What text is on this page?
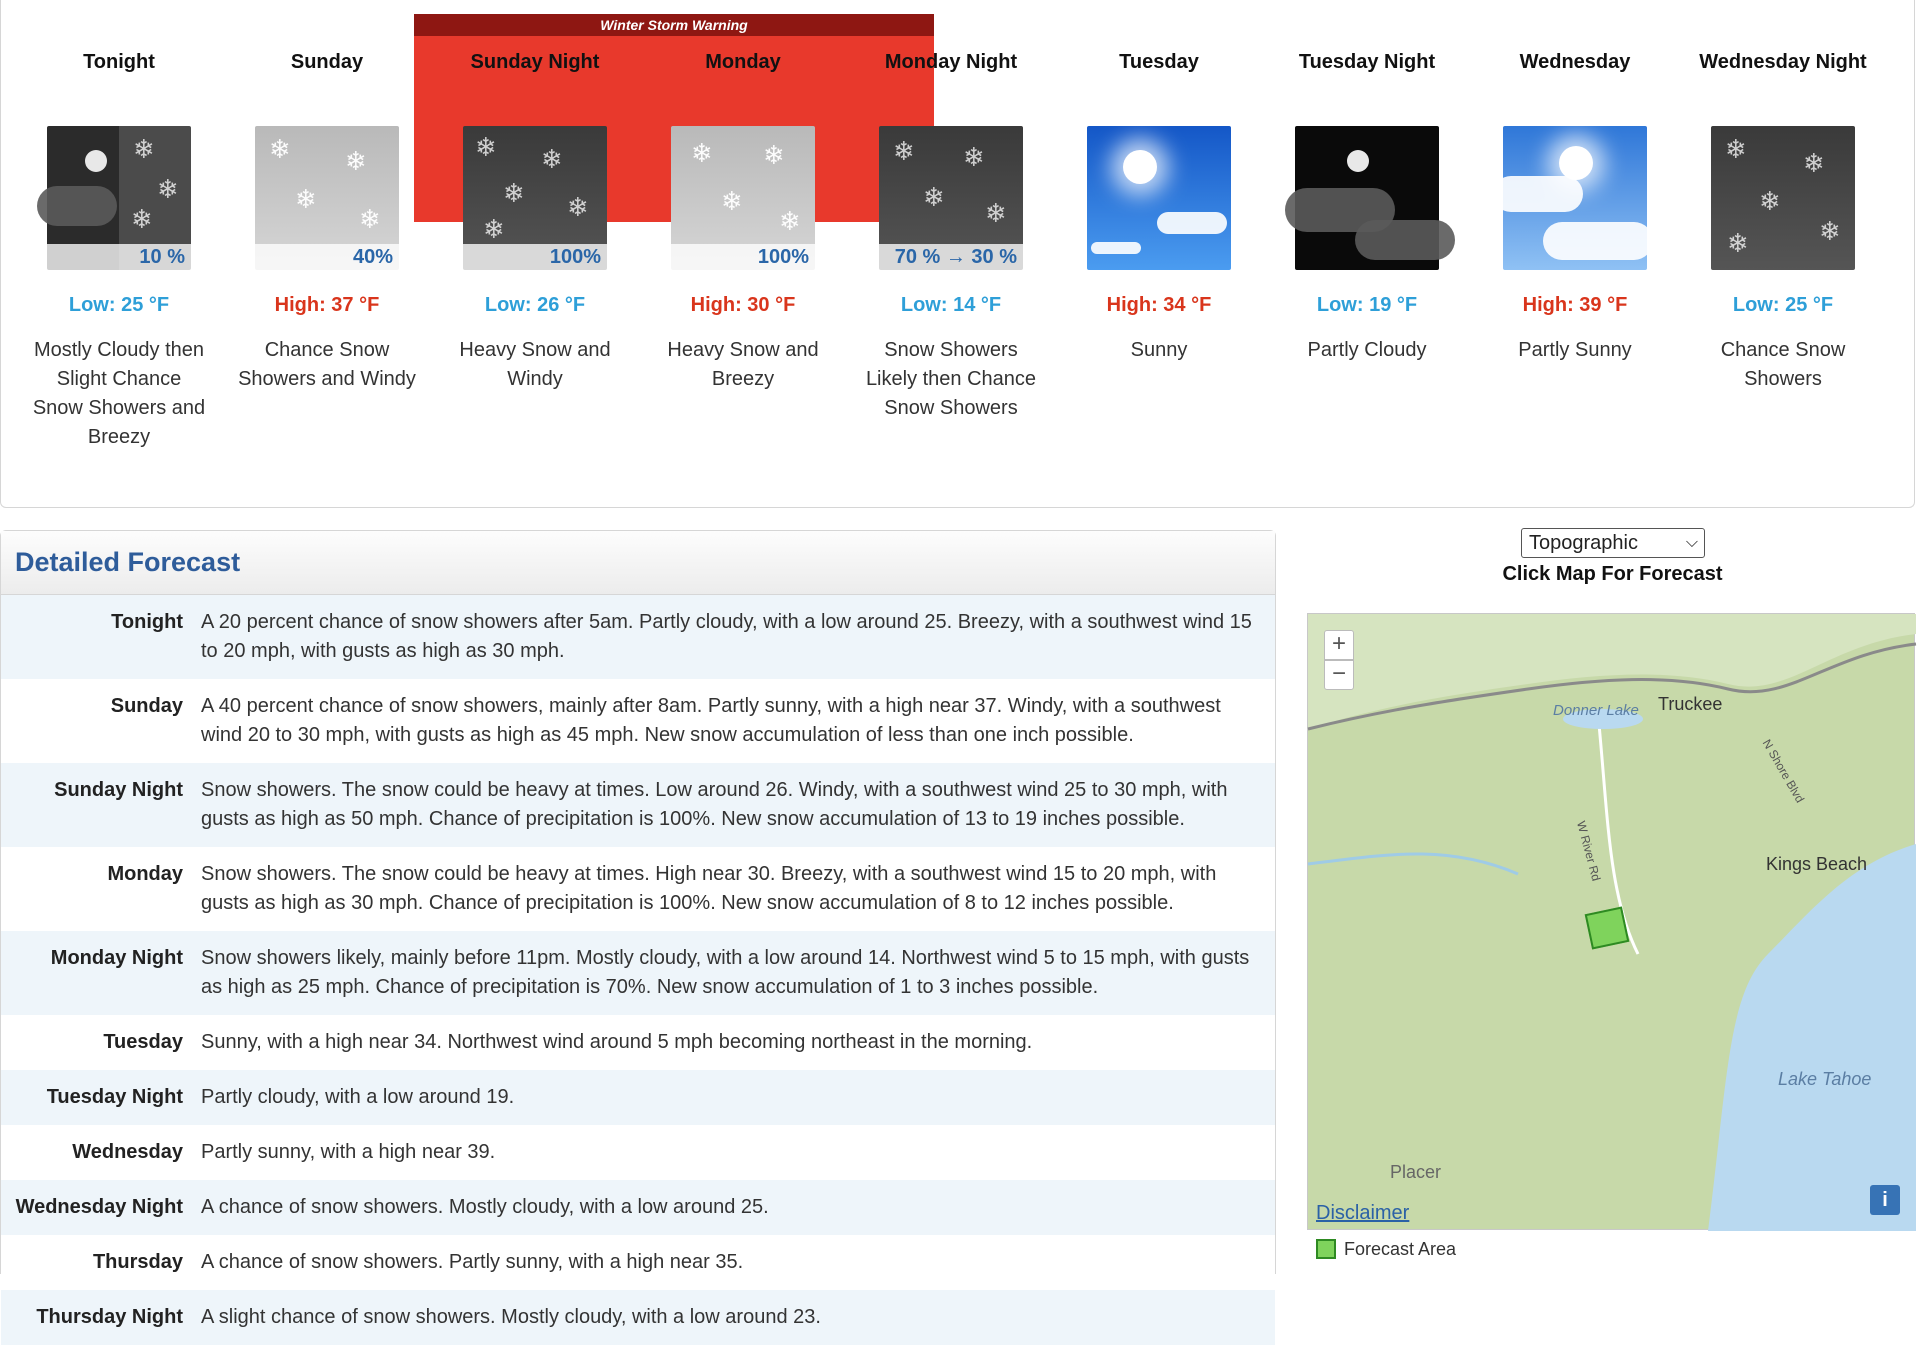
Winter Storm Warning
Tonight
❄
❄
❄
10 %
Low: 25 °F
Mostly Cloudy then Slight Chance Snow Showers and Breezy
Sunday
❄ ❄
❄
❄
40%
High: 37 °F
Chance Snow Showers and Windy
Sunday Night
❄ ❄
❄ ❄
❄
100%
Low: 26 °F
Heavy Snow and Windy
Monday
❄ ❄
❄
❄
100%
High: 30 °F
Heavy Snow and Breezy
Monday Night
❄ ❄
❄
❄
70 % → 30 %
Low: 14 °F
Snow Showers Likely then Chance Snow Showers
Tuesday
High: 34 °F
Sunny
Tuesday Night
Low: 19 °F
Partly Cloudy
Wednesday
High: 39 °F
Partly Sunny
Wednesday Night
❄ ❄
❄
❄
❄
Low: 25 °F
Chance Snow Showers
Detailed Forecast
Tonight A 20 percent chance of snow showers after 5am. Partly cloudy, with a low around 25. Breezy, with a southwest wind 15 to 20 mph, with gusts as high as 30 mph.
Sunday A 40 percent chance of snow showers, mainly after 8am. Partly sunny, with a high near 37. Windy, with a southwest wind 20 to 30 mph, with gusts as high as 45 mph. New snow accumulation of less than one inch possible.
Sunday Night Snow showers. The snow could be heavy at times. Low around 26. Windy, with a southwest wind 25 to 30 mph, with gusts as high as 50 mph. Chance of precipitation is 100%. New snow accumulation of 13 to 19 inches possible.
Monday Snow showers. The snow could be heavy at times. High near 30. Breezy, with a southwest wind 15 to 20 mph, with gusts as high as 30 mph. Chance of precipitation is 100%. New snow accumulation of 8 to 12 inches possible.
Monday Night Snow showers likely, mainly before 11pm. Mostly cloudy, with a low around 14. Northwest wind 5 to 15 mph, with gusts as high as 25 mph. Chance of precipitation is 70%. New snow accumulation of 1 to 3 inches possible.
Tuesday Sunny, with a high near 34. Northwest wind around 5 mph becoming northeast in the morning.
Tuesday Night Partly cloudy, with a low around 19.
Wednesday Partly sunny, with a high near 39.
Wednesday Night A chance of snow showers. Mostly cloudy, with a low around 25.
Thursday A chance of snow showers. Partly sunny, with a high near 35.
Thursday Night A slight chance of snow showers. Mostly cloudy, with a low around 23.
Topographic	⌵
Click Map For Forecast
+
−
Truckee
Donner Lake
Kings Beach
Lake Tahoe
Placer
N Shore Blvd
W River Rd
Disclaimer
i
Forecast Area
